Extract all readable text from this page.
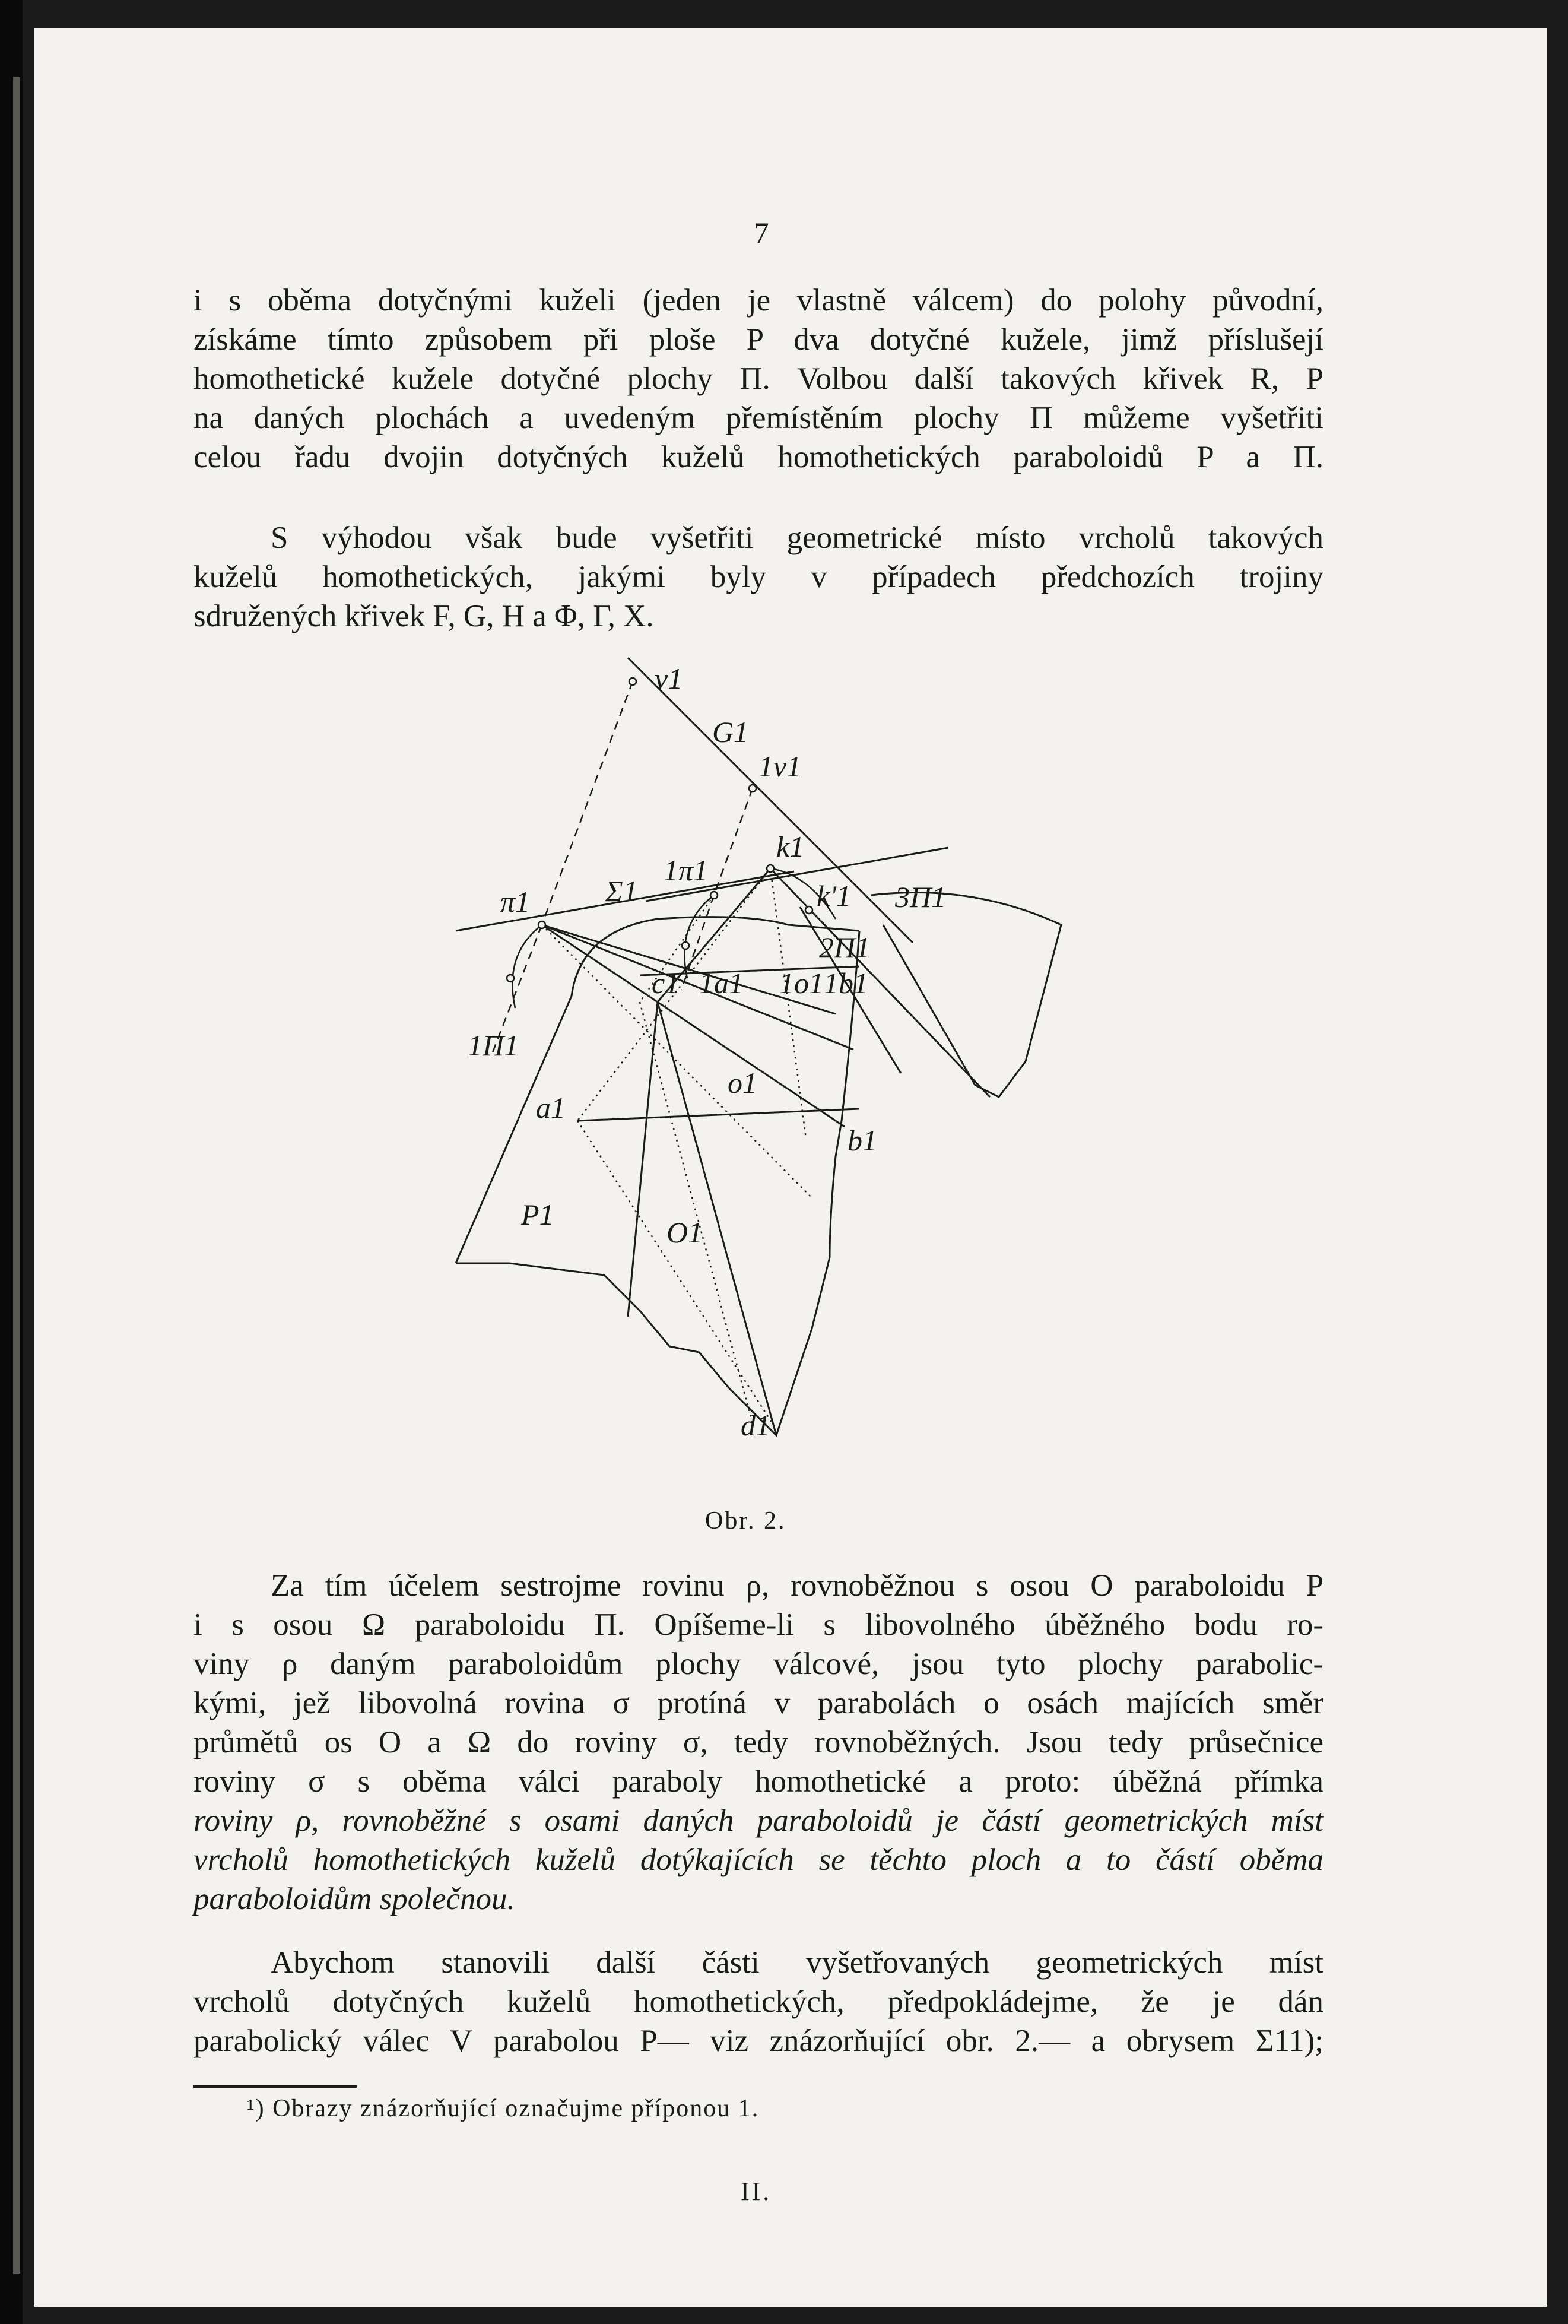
7

i s oběma dotyčnými kuželi (jeden je vlastně válcem) do polohy původní,
získáme tímto způsobem při ploše P dva dotyčné kužele, jimž příslušejí
homothetické kužele dotyčné plochy Π. Volbou další takových křivek R, P
na daných plochách a uvedeným přemístěním plochy Π můžeme vyšetřiti
celou řadu dvojin dotyčných kuželů homothetických paraboloidů P a Π.

S výhodou však bude vyšetřiti geometrické místo vrcholů takových
kuželů homothetických, jakými byly v případech předchozích trojiny
sdružených křivek F, G, H a Φ, Γ, X.

v1
G1
1v1
k1
k'1 3Π1
π1	Σ1
1π1
2Π1
c1 1a1 1o1 1b1
1Π1
o1
a1
b1
P1
O1
d1
Obr. 2.

Za tím účelem sestrojme rovinu ρ, rovnoběžnou s osou O paraboloidu P
i s osou Ω paraboloidu Π. Opíšeme-li s libovolného úběžného bodu ro-
viny ρ daným paraboloidům plochy válcové, jsou tyto plochy parabolic-
kými, jež libovolná rovina σ protíná v parabolách o osách majících směr
průmětů os O a Ω do roviny σ, tedy rovnoběžných. Jsou tedy průsečnice
roviny σ s oběma válci paraboly homothetické a proto: úběžná přímka
roviny ρ, rovnoběžné s osami daných paraboloidů je částí geometrických míst
vrcholů homothetických kuželů dotýkajících se těchto ploch a to částí oběma
paraboloidům společnou.

Abychom stanovili další části vyšetřovaných geometrických míst
vrcholů dotyčných kuželů homothetických, předpokládejme, že je dán
parabolický válec V parabolou P— viz znázorňující obr. 2.— a obrysem Σ11);

¹) Obrazy znázorňující označujme příponou 1.
II.
